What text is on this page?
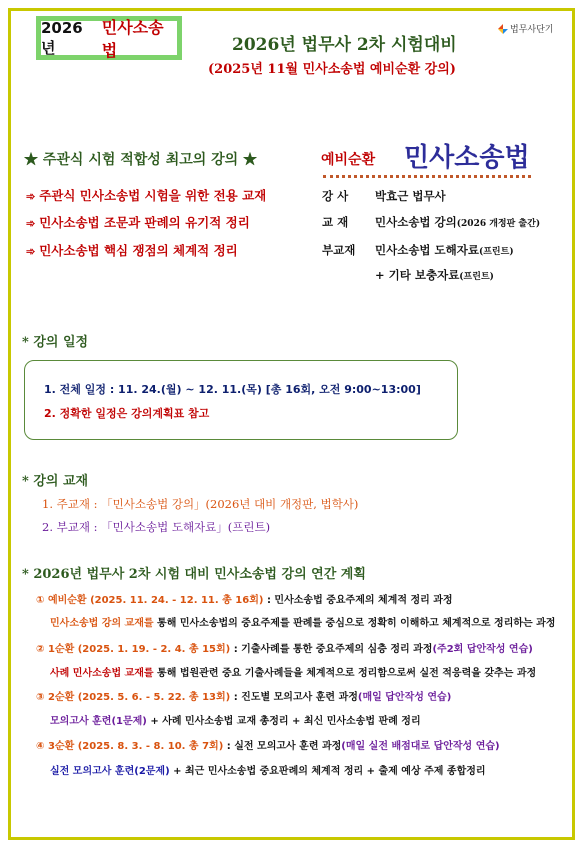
2026년
민사소송법	2026년 법무사 2차 시험대비
(2025년 11월 민사소송법 예비순환 강의)
법무사단기
★ 주관식 시험 적합성 최고의 강의 ★	예비순환 민사소송법
➾ 주관식 민사소송법 시험을 위한 전용 교재
➾ 민사소송법 조문과 판례의 유기적 정리
➾ 민사소송법 핵심 쟁점의 체계적 정리
강 사 박효근 법무사
교 재 민사소송법 강의(2026 개정판 출간)
부교재 민사소송법 도해자료(프린트)
+ 기타 보충자료(프린트)
* 강의 일정
1. 전체 일정 : 11. 24.(월) ~ 12. 11.(목) [총 16회, 오전 9:00~13:00]
2. 정확한 일정은 강의계획표 참고
* 강의 교재
1. 주교재 : 「민사소송법 강의」(2026년 대비 개정판, 법학사)
2. 부교재 : 「민사소송법 도해자료」(프린트)
* 2026년 법무사 2차 시험 대비 민사소송법 강의 연간 계획
① 예비순환 (2025. 11. 24. - 12. 11. 총 16회) : 민사소송법 중요주제의 체계적 정리 과정
민사소송법 강의 교재를 통해 민사소송법의 중요주제를 판례를 중심으로 정확히 이해하고 체계적으로 정리하는 과정
② 1순환 (2025. 1. 19. - 2. 4. 총 15회) : 기출사례를 통한 중요주제의 심층 정리 과정(주2회 답안작성 연습)
사례 민사소송법 교재를 통해 법원관련 중요 기출사례들을 체계적으로 정리함으로써 실전 적응력을 갖추는 과정
③ 2순환 (2025. 5. 6. - 5. 22. 총 13회) : 진도별 모의고사 훈련 과정(매일 답안작성 연습)
모의고사 훈련(1문제) + 사례 민사소송법 교재 총정리 + 최신 민사소송법 판례 정리
④ 3순환 (2025. 8. 3. - 8. 10. 총 7회) : 실전 모의고사 훈련 과정(매일 실전 배점대로 답안작성 연습)
실전 모의고사 훈련(2문제) + 최근 민사소송법 중요판례의 체계적 정리 + 출제 예상 주제 종합정리
